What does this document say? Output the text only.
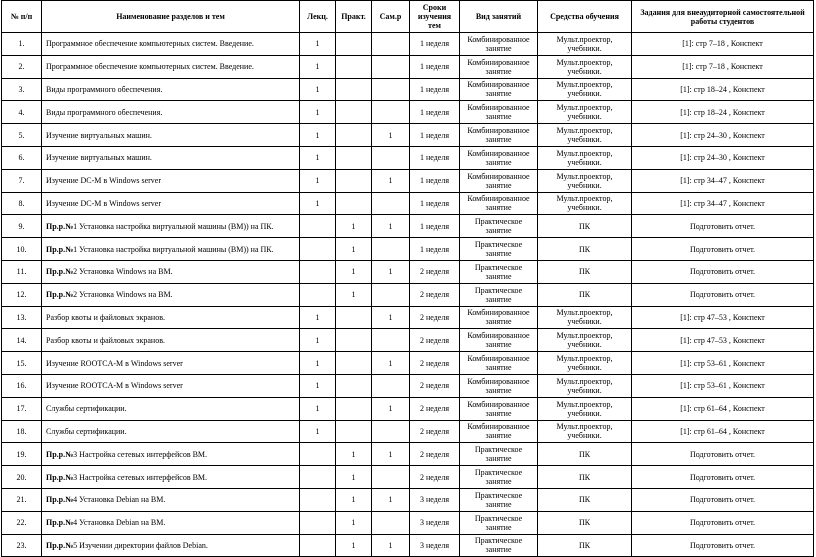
№ п/п	Наименование разделов и тем	Лекц.	Практ.	Сам.р	Сроки изучения тем	Вид занятий	Средства обучения	Задания для внеаудиторной самостоятельной работы студентов
1.	Программное обеспечение компьютерных систем. Введение.	1			1 неделя	Комбинированное занятие	Мульт.проектор, учебники.	[1]: стр 7–18 , Конспект
2.	Программное обеспечение компьютерных систем. Введение.	1			1 неделя	Комбинированное занятие	Мульт.проектор, учебники.	[1]: стр 7–18 , Конспект
3.	Виды программного обеспечения.	1			1 неделя	Комбинированное занятие	Мульт.проектор, учебники.	[1]: стр 18–24 , Конспект
4.	Виды программного обеспечения.	1			1 неделя	Комбинированное занятие	Мульт.проектор, учебники.	[1]: стр 18–24 , Конспект
5.	Изучение виртуальных машин.	1		1	1 неделя	Комбинированное занятие	Мульт.проектор, учебники.	[1]: стр 24–30 , Конспект
6.	Изучение виртуальных машин.	1			1 неделя	Комбинированное занятие	Мульт.проектор, учебники.	[1]: стр 24–30 , Конспект
7.	Изучение DC-M в Windows server	1		1	1 неделя	Комбинированное занятие	Мульт.проектор, учебники.	[1]: стр 34–47 , Конспект
8.	Изучение DC-M в Windows server	1			1 неделя	Комбинированное занятие	Мульт.проектор, учебники.	[1]: стр 34–47 , Конспект
9.	Пр.р.№1 Установка настройка виртуальной машины (ВМ)) на ПК.		1	1	1 неделя	Практическое занятие	ПК	Подготовить отчет.
10.	Пр.р.№1 Установка настройка виртуальной машины (ВМ)) на ПК.		1		1 неделя	Практическое занятие	ПК	Подготовить отчет.
11.	Пр.р.№2 Установка Windows на ВМ.		1	1	2 неделя	Практическое занятие	ПК	Подготовить отчет.
12.	Пр.р.№2 Установка Windows на ВМ.		1		2 неделя	Практическое занятие	ПК	Подготовить отчет.
13.	Разбор квоты и файловых экранов.	1		1	2 неделя	Комбинированное занятие	Мульт.проектор, учебники.	[1]: стр 47–53 , Конспект
14.	Разбор квоты и файловых экранов.	1			2 неделя	Комбинированное занятие	Мульт.проектор, учебники.	[1]: стр 47–53 , Конспект
15.	Изучение ROOTCA-M в Windows server	1		1	2 неделя	Комбинированное занятие	Мульт.проектор, учебники.	[1]: стр 53–61 , Конспект
16.	Изучение ROOTCA-M в Windows server	1			2 неделя	Комбинированное занятие	Мульт.проектор, учебники.	[1]: стр 53–61 , Конспект
17.	Службы сертификации.	1		1	2 неделя	Комбинированное занятие	Мульт.проектор, учебники.	[1]: стр 61–64 , Конспект
18.	Службы сертификации.	1			2 неделя	Комбинированное занятие	Мульт.проектор, учебники.	[1]: стр 61–64 , Конспект
19.	Пр.р.№3 Настройка сетевых интерфейсов ВМ.		1	1	2 неделя	Практическое занятие	ПК	Подготовить отчет.
20.	Пр.р.№3 Настройка сетевых интерфейсов ВМ.		1		2 неделя	Практическое занятие	ПК	Подготовить отчет.
21.	Пр.р.№4 Установка Debian на ВМ.		1	1	3 неделя	Практическое занятие	ПК	Подготовить отчет.
22.	Пр.р.№4 Установка Debian на ВМ.		1		3 неделя	Практическое занятие	ПК	Подготовить отчет.
23.	Пр.р.№5 Изучении директории файлов Debian.		1	1	3 неделя	Практическое занятие	ПК	Подготовить отчет.
